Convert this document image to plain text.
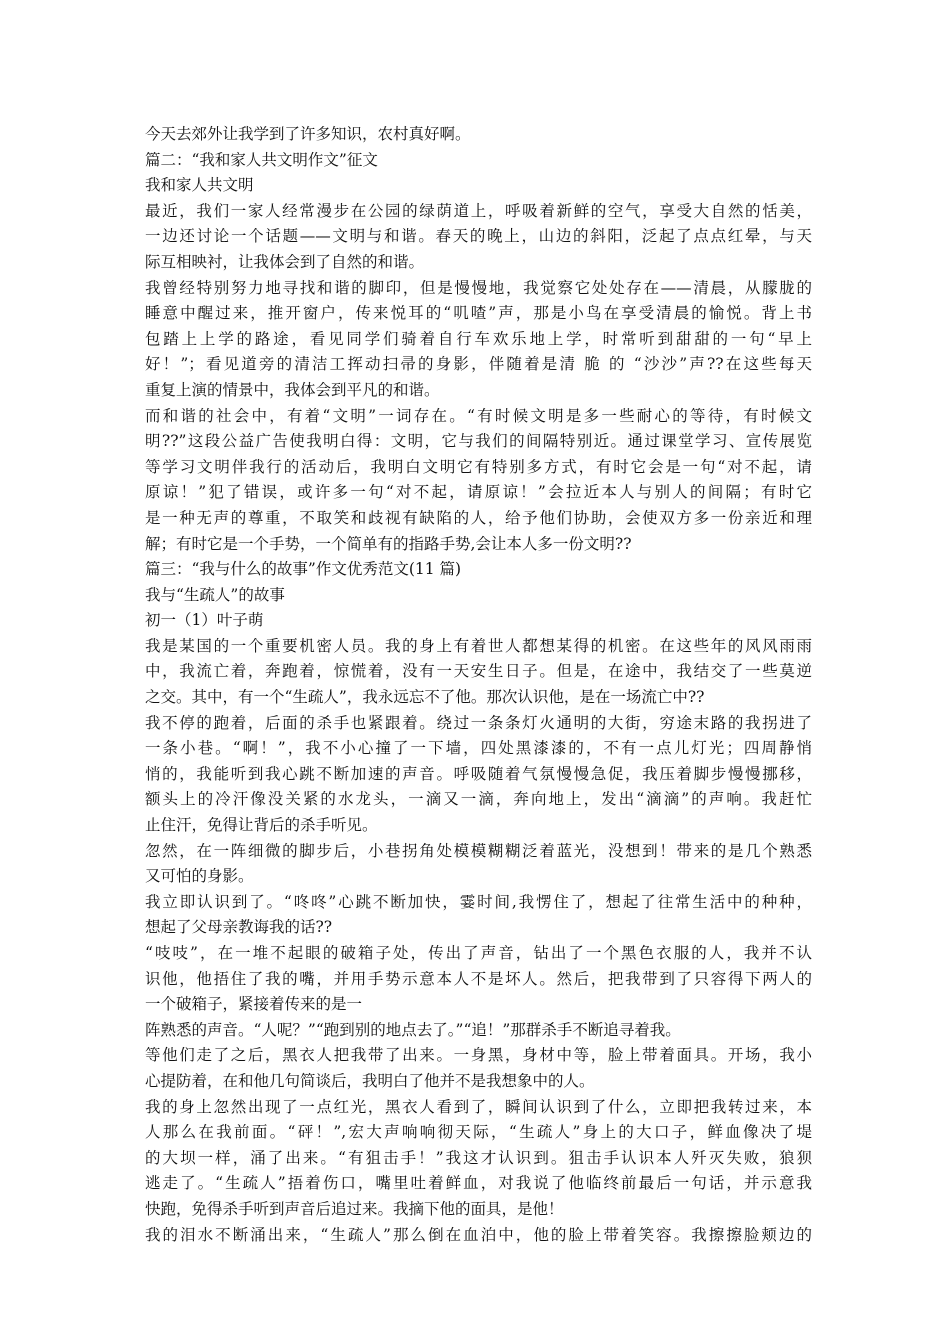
今天去郊外让我学到了许多知识，农村真好啊。
篇二：“我和家人共文明作文”征文
我和家人共文明
最近，我们一家人经常漫步在公园的绿荫道上，呼吸着新鲜的空气，享受大自然的恬美，
一边还讨论一个话题——文明与和谐。春天的晚上，山边的斜阳，泛起了点点红晕，与天
际互相映衬，让我体会到了自然的和谐。
我曾经特别努力地寻找和谐的脚印，但是慢慢地，我觉察它处处存在——清晨，从朦胧的
睡意中醒过来，推开窗户，传来悦耳的“叽喳”声，那是小鸟在享受清晨的愉悦。背上书
包踏上上学的路途，看见同学们骑着自行车欢乐地上学，时常听到甜甜的一句“早上
好！”；看见道旁的清洁工挥动扫帚的身影，伴随着是清 脆 的 “沙沙”声??在这些每天
重复上演的情景中，我体会到平凡的和谐。
而和谐的社会中，有着“文明”一词存在。“有时候文明是多一些耐心的等待，有时候文
明??”这段公益广告使我明白得：文明，它与我们的间隔特别近。通过课堂学习、宣传展览
等学习文明伴我行的活动后，我明白文明它有特别多方式，有时它会是一句“对不起，请
原谅！”犯了错误，或许多一句“对不起，请原谅！”会拉近本人与别人的间隔；有时它
是一种无声的尊重，不取笑和歧视有缺陷的人，给予他们协助，会使双方多一份亲近和理
解；有时它是一个手势，一个简单有的指路手势,会让本人多一份文明??
篇三：“我与什么的故事”作文优秀范文(11 篇)
我与“生疏人”的故事
初一（1）叶子萌
我是某国的一个重要机密人员。我的身上有着世人都想某得的机密。在这些年的风风雨雨
中，我流亡着，奔跑着，惊慌着，没有一天安生日子。但是，在途中，我结交了一些莫逆
之交。其中，有一个“生疏人”，我永远忘不了他。那次认识他，是在一场流亡中??
我不停的跑着，后面的杀手也紧跟着。绕过一条条灯火通明的大街，穷途末路的我拐进了
一条小巷。“啊！”，我不小心撞了一下墙，四处黑漆漆的，不有一点儿灯光；四周静悄
悄的，我能听到我心跳不断加速的声音。呼吸随着气氛慢慢急促，我压着脚步慢慢挪移，
额头上的冷汗像没关紧的水龙头，一滴又一滴，奔向地上，发出“滴滴”的声响。我赶忙
止住汗，免得让背后的杀手听见。
忽然，在一阵细微的脚步后，小巷拐角处模模糊糊泛着蓝光，没想到！带来的是几个熟悉
又可怕的身影。
我立即认识到了。“咚咚”心跳不断加快，霎时间,我愣住了，想起了往常生活中的种种，
想起了父母亲教诲我的话??
“吱吱”，在一堆不起眼的破箱子处，传出了声音，钻出了一个黑色衣服的人，我并不认
识他，他捂住了我的嘴，并用手势示意本人不是坏人。然后，把我带到了只容得下两人的
一个破箱子，紧接着传来的是一
阵熟悉的声音。“人呢？”“跑到别的地点去了。”“追！”那群杀手不断追寻着我。
等他们走了之后，黑衣人把我带了出来。一身黑，身材中等，脸上带着面具。开场，我小
心提防着，在和他几句简谈后，我明白了他并不是我想象中的人。
我的身上忽然出现了一点红光，黑衣人看到了，瞬间认识到了什么，立即把我转过来，本
人那么在我前面。“砰！”,宏大声响响彻天际，“生疏人”身上的大口子，鲜血像决了堤
的大坝一样，涌了出来。“有狙击手！”我这才认识到。狙击手认识本人歼灭失败，狼狈
逃走了。“生疏人”捂着伤口，嘴里吐着鲜血，对我说了他临终前最后一句话，并示意我
快跑，免得杀手听到声音后追过来。我摘下他的面具，是他！
我的泪水不断涌出来，“生疏人”那么倒在血泊中，他的脸上带着笑容。我擦擦脸颊边的
